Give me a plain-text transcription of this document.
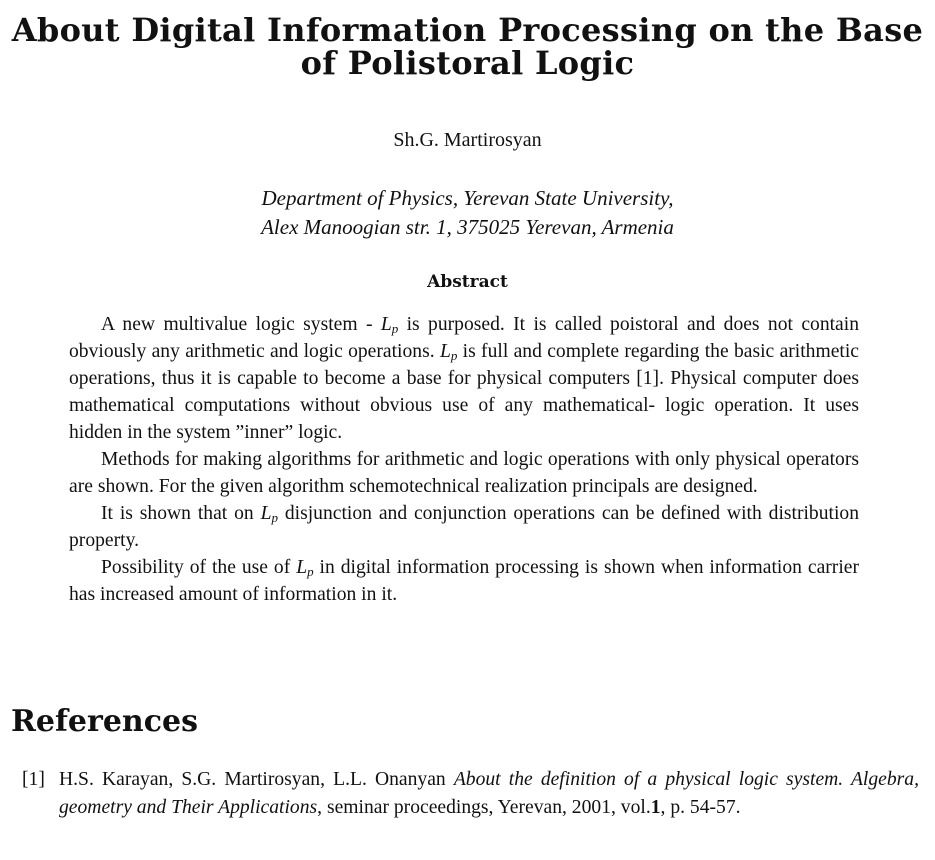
About Digital Information Processing on the Base of Polistoral Logic
Sh.G. Martirosyan
Department of Physics, Yerevan State University,
Alex Manoogian str. 1, 375025 Yerevan, Armenia
Abstract

A new multivalue logic system - $L_p$ is purposed. It is called poistoral and does not contain obviously any arithmetic and logic operations. $L_p$ is full and complete regarding the basic arithmetic operations, thus it is capable to become a base for physical computers [1]. Physical computer does mathematical computations without obvious use of any mathematical- logic operation. It uses hidden in the system ”inner” logic.

Methods for making algorithms for arithmetic and logic operations with only physical operators are shown. For the given algorithm schemotechnical realization principals are designed.

It is shown that on $L_p$ disjunction and conjunction operations can be defined with distribution property.

Possibility of the use of $L_p$ in digital information processing is shown when information carrier has increased amount of information in it.

References
[1] H.S. Karayan, S.G. Martirosyan, L.L. Onanyan About the definition of a physical logic system. Algebra, geometry and Their Applications, seminar proceedings, Yerevan, 2001, vol.1, p. 54-57.
